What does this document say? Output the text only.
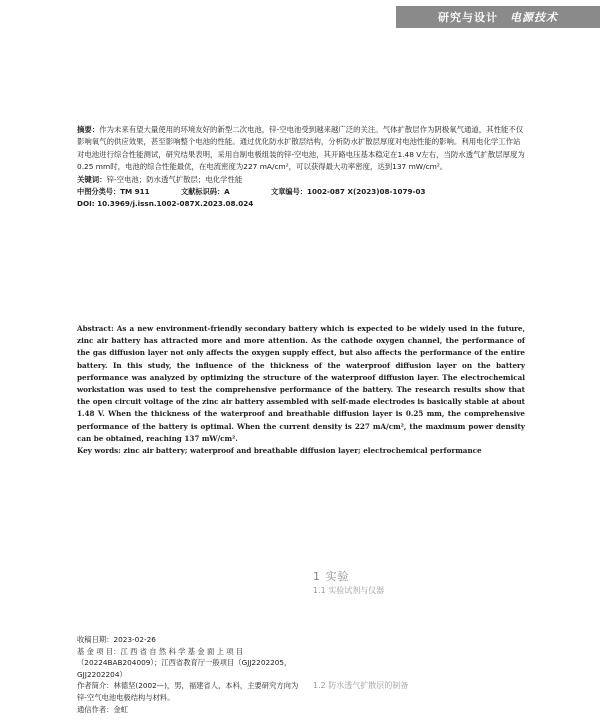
研究与设计 电源技术

摘要：作为未来有望大量使用的环境友好的新型二次电池，锌-空电池受到越来越广泛的关注。气体扩散层作为阴极氧气通道，其性能不仅影响氧气的供应效果，甚至影响整个电池的性能。通过优化防水扩散层结构，分析防水扩散层厚度对电池性能的影响。利用电化学工作站对电池进行综合性能测试，研究结果表明，采用自制电极组装的锌-空电池，其开路电压基本稳定在1.48 V左右，当防水透气扩散层厚度为0.25 mm时，电池的综合性能最优，在电流密度为227 mA/cm²，可以获得最大功率密度，达到137 mW/cm²。

关键词：锌-空电池；防水透气扩散层；电化学性能

中图分类号：TM 911	文献标识码：A	文章编号：1002-087 X(2023)08-1079-03
DOI: 10.3969/j.issn.1002-087X.2023.08.024

Abstract: As a new environment-friendly secondary battery which is expected to be widely used in the future, zinc air battery has attracted more and more attention. As the cathode oxygen channel, the performance of the gas diffusion layer not only affects the oxygen supply effect, but also affects the performance of the entire battery. In this study, the influence of the thickness of the waterproof diffusion layer on the battery performance was analyzed by optimizing the structure of the waterproof diffusion layer. The electrochemical workstation was used to test the comprehensive performance of the battery. The research results show that the open circuit voltage of the zinc air battery assembled with self-made electrodes is basically stable at about 1.48 V. When the thickness of the waterproof and breathable diffusion layer is 0.25 mm, the comprehensive performance of the battery is optimal. When the current density is 227 mA/cm², the maximum power density can be obtained, reaching 137 mW/cm².

Key words: zinc air battery; waterproof and breathable diffusion layer; electrochemical performance

1 实验
1.1 实验试剂与仪器
1.2 防水透气扩散层的制备

收稿日期：2023-02-26

基 金 项 目：江 西 省 自 然 科 学 基 金 面 上 项 目（20224BAB204009）；江西省教育厅一般项目（GJJ2202205，GJJ2202204）

作者简介：林德坚(2002—)，男，福建省人，本科，主要研究方向为锌-空气电池电极结构与材料。

通信作者：金虹
